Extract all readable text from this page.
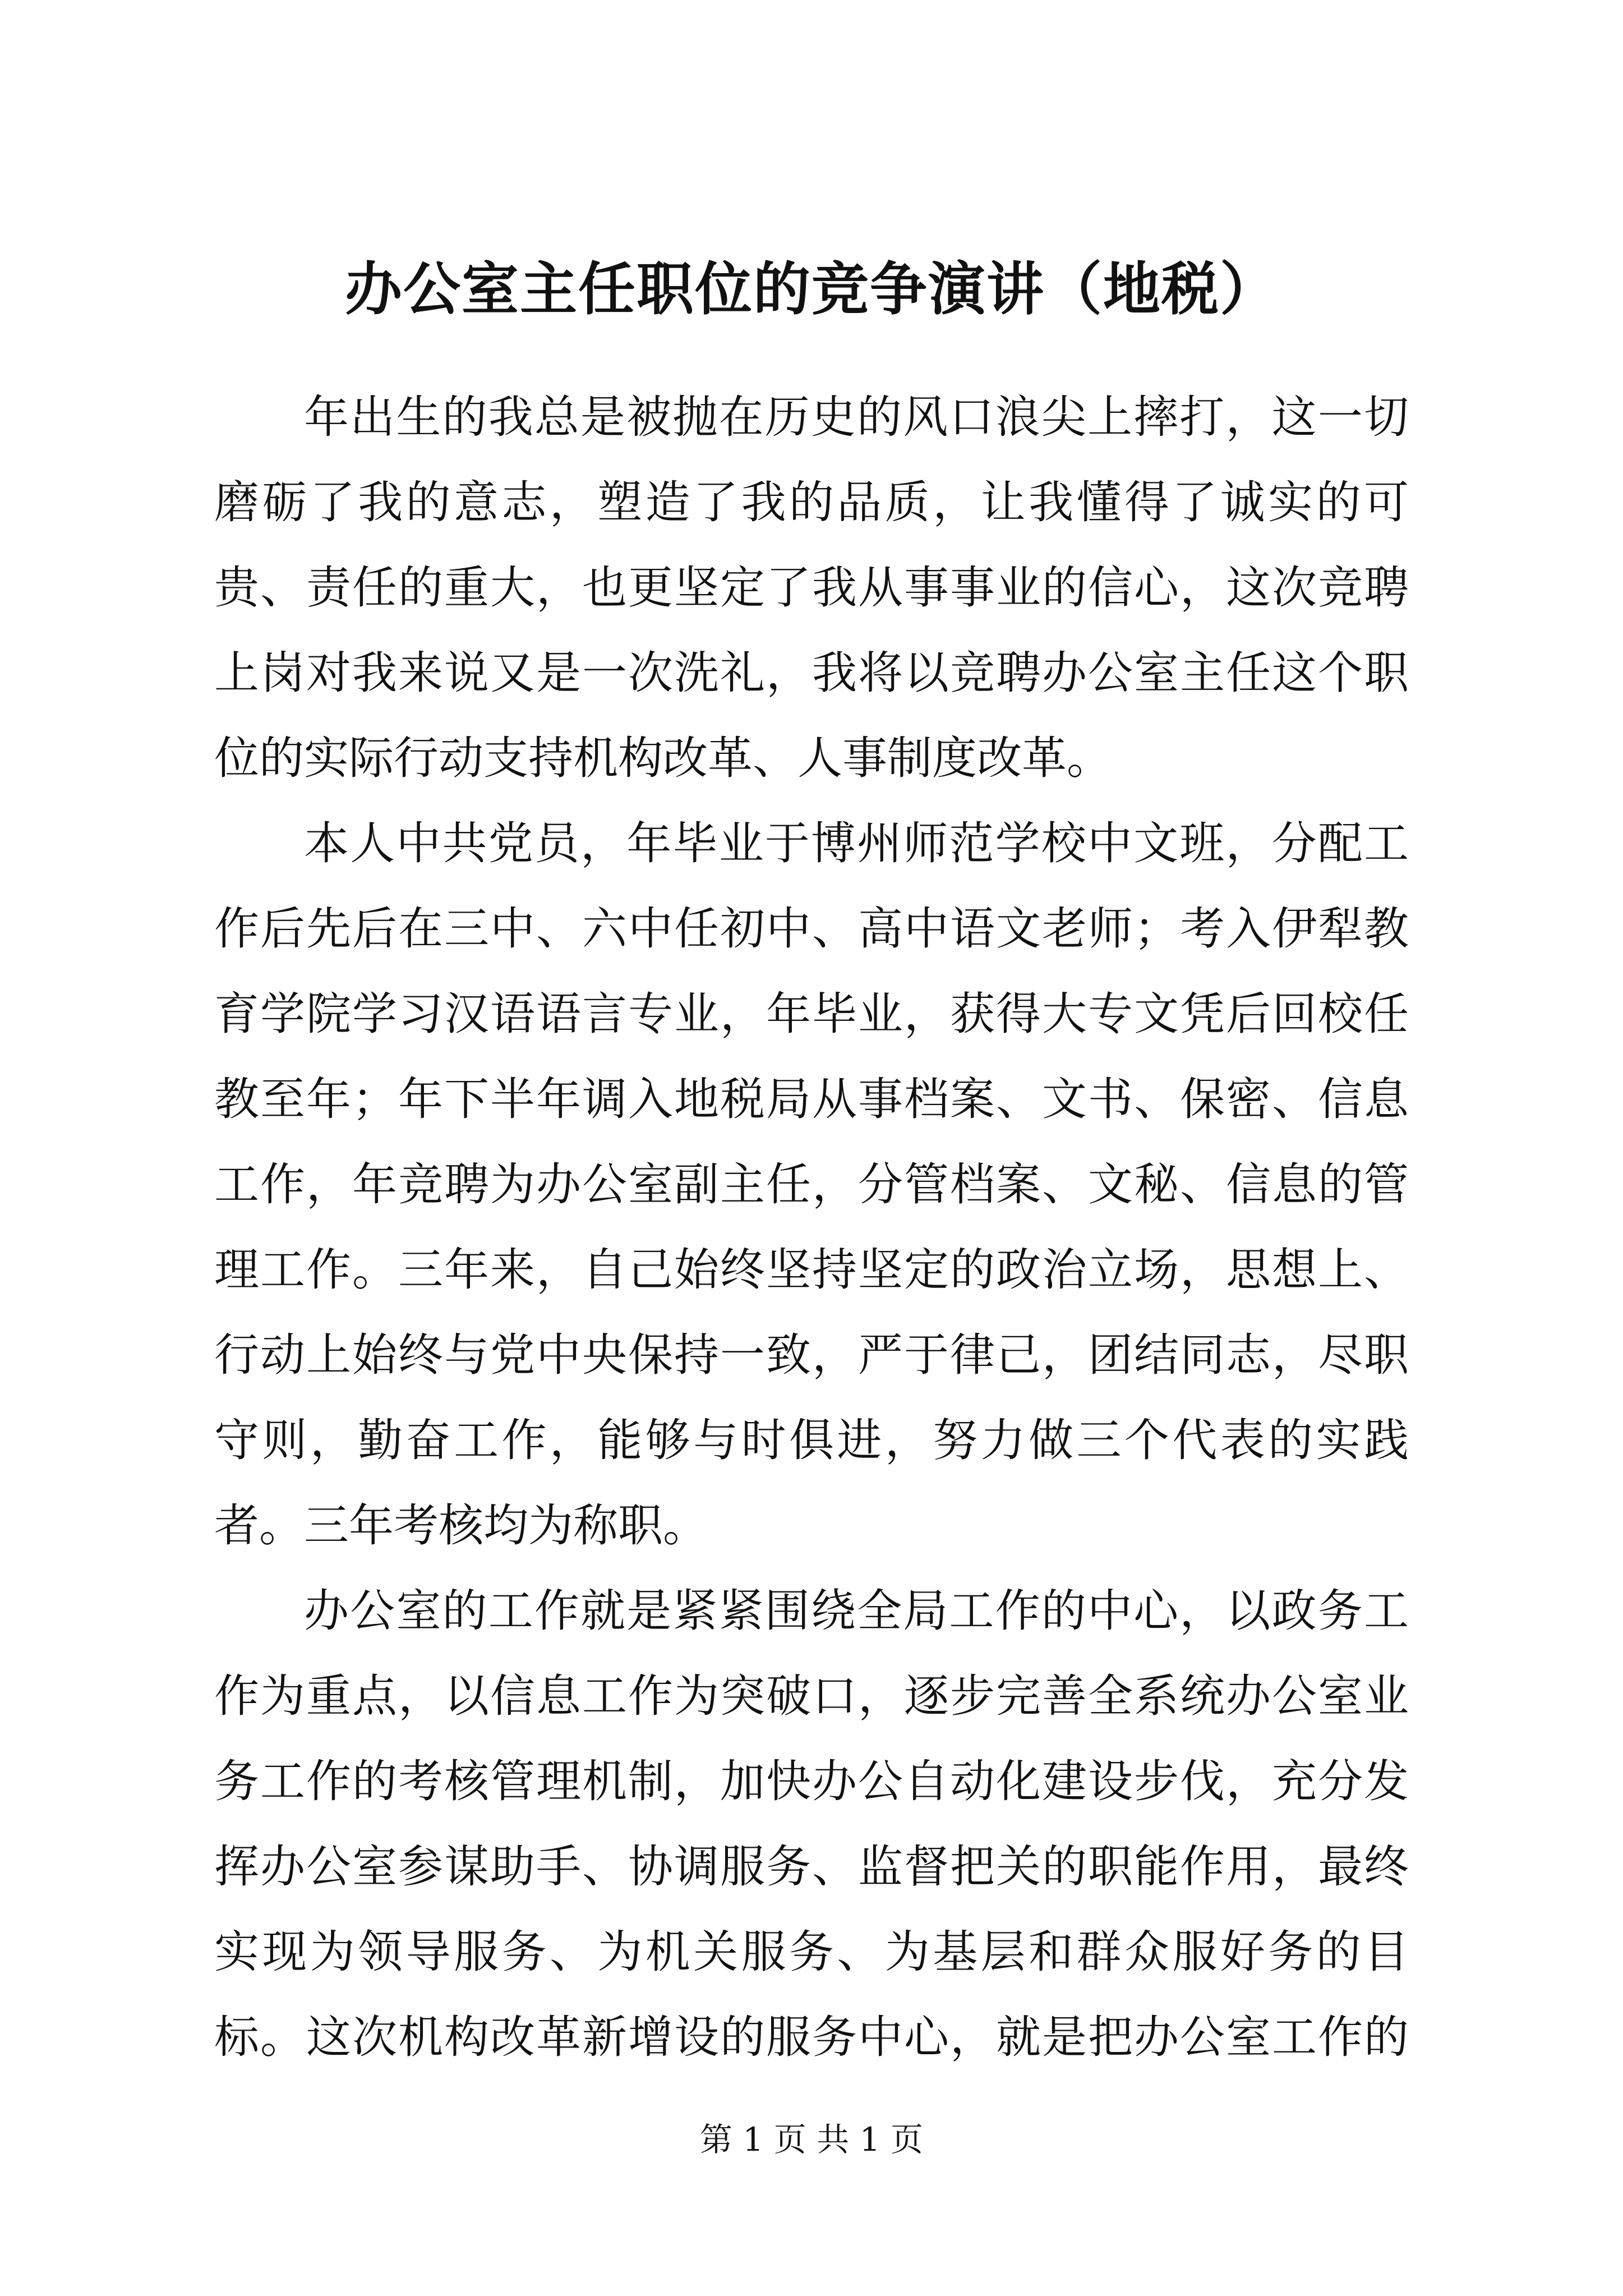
办公室主任职位的竞争演讲（地税）

年出生的我总是被抛在历史的风口浪尖上摔打，这一切磨砺了我的意志，塑造了我的品质，让我懂得了诚实的可贵、责任的重大，也更坚定了我从事事业的信心，这次竞聘上岗对我来说又是一次洗礼，我将以竞聘办公室主任这个职位的实际行动支持机构改革、人事制度改革。

本人中共党员，年毕业于博州师范学校中文班，分配工作后先后在三中、六中任初中、高中语文老师；考入伊犁教育学院学习汉语语言专业，年毕业，获得大专文凭后回校任教至年；年下半年调入地税局从事档案、文书、保密、信息工作，年竞聘为办公室副主任，分管档案、文秘、信息的管理工作。三年来，自己始终坚持坚定的政治立场，思想上、行动上始终与党中央保持一致，严于律己，团结同志，尽职守则，勤奋工作，能够与时俱进，努力做三个代表的实践者。三年考核均为称职。

办公室的工作就是紧紧围绕全局工作的中心，以政务工作为重点，以信息工作为突破口，逐步完善全系统办公室业务工作的考核管理机制，加快办公自动化建设步伐，充分发挥办公室参谋助手、协调服务、监督把关的职能作用，最终实现为领导服务、为机关服务、为基层和群众服好务的目标。这次机构改革新增设的服务中心，就是把办公室工作的

第 1 页 共 1 页
